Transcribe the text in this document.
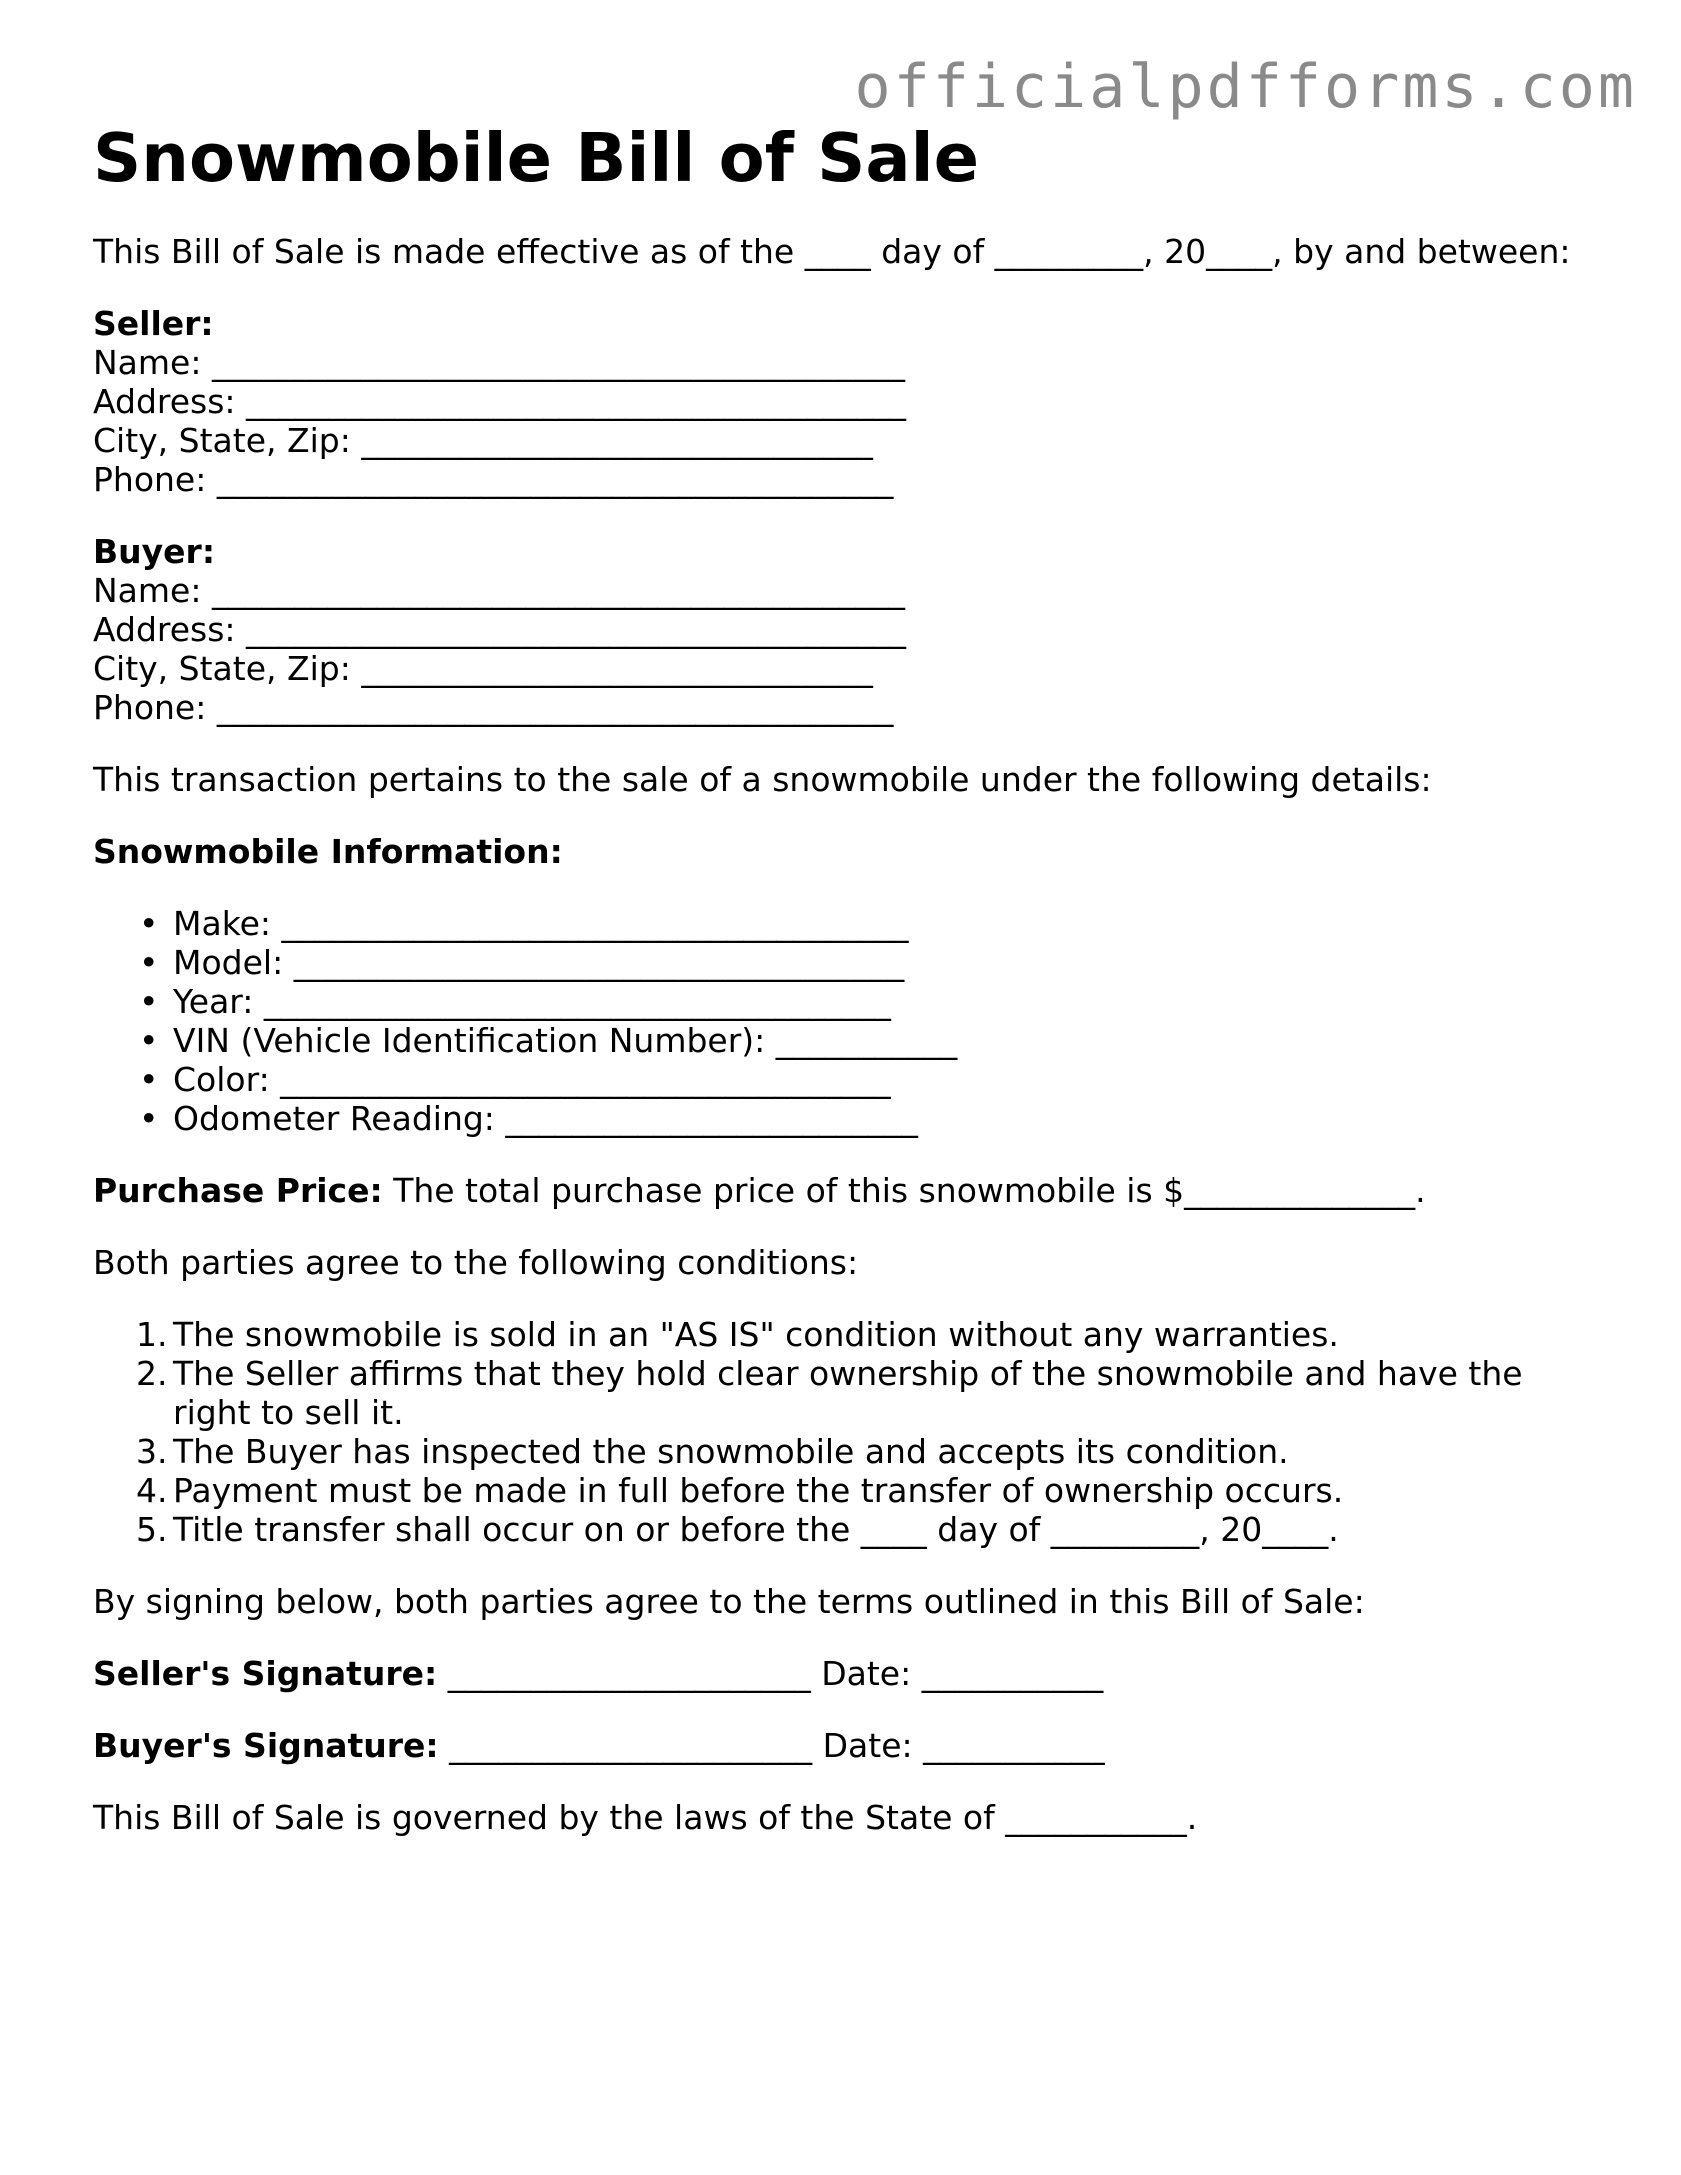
officialpdfforms.com
Snowmobile Bill of Sale
This Bill of Sale is made effective as of the ____ day of _________, 20____, by and between:
Seller:
Name: __________________________________________
Address: ________________________________________
City, State, Zip: _______________________________
Phone: _________________________________________
Buyer:
Name: __________________________________________
Address: ________________________________________
City, State, Zip: _______________________________
Phone: _________________________________________
This transaction pertains to the sale of a snowmobile under the following details:
Snowmobile Information:
• Make: ______________________________________
• Model: _____________________________________
• Year: ______________________________________
• VIN (Vehicle Identification Number): ___________
• Color: _____________________________________
• Odometer Reading: _________________________
Purchase Price: The total purchase price of this snowmobile is $______________.
Both parties agree to the following conditions:
1. The snowmobile is sold in an "AS IS" condition without any warranties.
2. The Seller affirms that they hold clear ownership of the snowmobile and have the right to sell it.
3. The Buyer has inspected the snowmobile and accepts its condition.
4. Payment must be made in full before the transfer of ownership occurs.
5. Title transfer shall occur on or before the ____ day of _________, 20____.
By signing below, both parties agree to the terms outlined in this Bill of Sale:
Seller's Signature: ______________________ Date: ___________
Buyer's Signature: ______________________ Date: ___________
This Bill of Sale is governed by the laws of the State of ___________.
